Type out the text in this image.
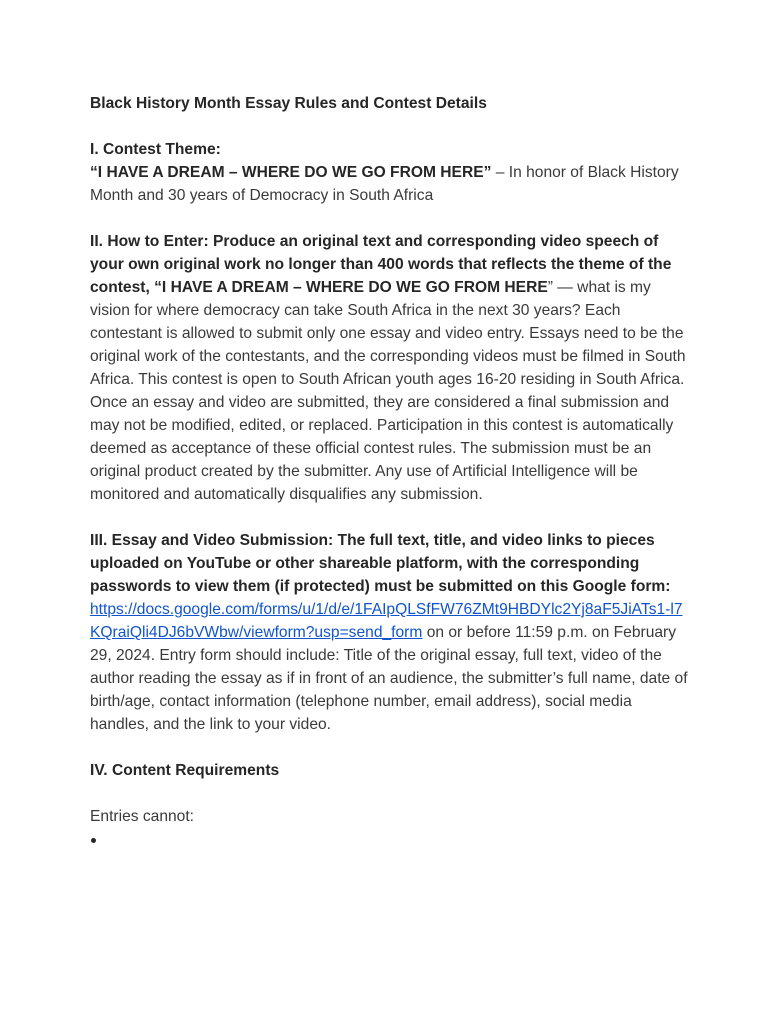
Black History Month Essay Rules and Contest Details

I. Contest Theme:

“I HAVE A DREAM – WHERE DO WE GO FROM HERE” – In honor of Black History Month and 30 years of Democracy in South Africa

II. How to Enter: Produce an original text and corresponding video speech of your own original work no longer than 400 words that reflects the theme of the contest, “I HAVE A DREAM – WHERE DO WE GO FROM HERE” — what is my vision for where democracy can take South Africa in the next 30 years? Each contestant is allowed to submit only one essay and video entry. Essays need to be the original work of the contestants, and the corresponding videos must be filmed in South Africa. This contest is open to South African youth ages 16-20 residing in South Africa. Once an essay and video are submitted, they are considered a final submission and may not be modified, edited, or replaced. Participation in this contest is automatically deemed as acceptance of these official contest rules. The submission must be an original product created by the submitter. Any use of Artificial Intelligence will be monitored and automatically disqualifies any submission.

III. Essay and Video Submission: The full text, title, and video links to pieces uploaded on YouTube or other shareable platform, with the corresponding passwords to view them (if protected) must be submitted on this Google form:
https://docs.google.com/forms/u/1/d/e/1FAIpQLSfFW76ZMt9HBDYlc2Yj8aF5JiATs1-l7KQraiQli4DJ6bVWbw/viewform?usp=send_form on or before 11:59 p.m. on February 29, 2024. Entry form should include: Title of the original essay, full text, video of the author reading the essay as if in front of an audience, the submitter’s full name, date of birth/age, contact information (telephone number, email address), social media handles, and the link to your video.

IV. Content Requirements

Entries cannot:
